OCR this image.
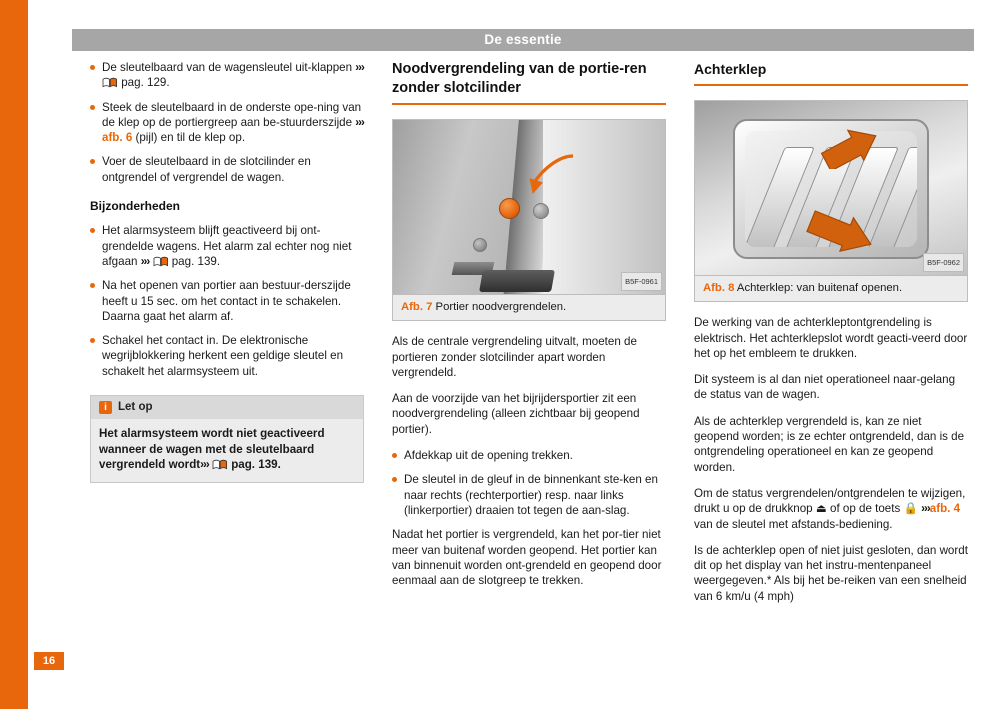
De essentie
De sleutelbaard van de wagensleutel uit-klappen ›››
pag. 129.
Steek de sleutelbaard in de onderste ope-ning van de klep op de portiergreep aan be-stuurderszijde ››› afb. 6 (pijl) en til de klep op.
Voer de sleutelbaard in de slotcilinder en ontgrendel of vergrendel de wagen.
Bijzonderheden
Het alarmsysteem blijft geactiveerd bij ont-grendelde wagens. Het alarm zal echter nog niet afgaan ›››
pag. 139.
Na het openen van portier aan bestuur-derszijde heeft u 15 sec. om het contact in te schakelen. Daarna gaat het alarm af.
Schakel het contact in. De elektronische wegrijblokkering herkent een geldige sleutel en schakelt het alarmsysteem uit.
i Let op
Het alarmsysteem wordt niet geactiveerd wanneer de wagen met de sleutelbaard vergrendeld wordt›››
pag. 139.
Noodvergrendeling van de portie-ren zonder slotcilinder
B5F-0961
Afb. 7 Portier noodvergrendelen.

Als de centrale vergrendeling uitvalt, moeten de portieren zonder slotcilinder apart worden vergrendeld.

Aan de voorzijde van het bijrijdersportier zit een noodvergrendeling (alleen zichtbaar bij geopend portier).

Afdekkap uit de opening trekken.
De sleutel in de gleuf in de binnenkant ste-ken en naar rechts (rechterportier) resp. naar links (linkerportier) draaien tot tegen de aan-slag.

Nadat het portier is vergrendeld, kan het por-tier niet meer van buitenaf worden geopend. Het portier kan van binnenuit worden ont-grendeld en geopend door eenmaal aan de slotgreep te trekken.

Achterklep
B5F-0962
Afb. 8 Achterklep: van buitenaf openen.

De werking van de achterkleptontgrendeling is elektrisch. Het achterklepslot wordt geacti-veerd door het op het embleem te drukken.

Dit systeem is al dan niet operationeel naar-gelang de status van de wagen.

Als de achterklep vergrendeld is, kan ze niet geopend worden; is ze echter ontgrendeld, dan is de ontgrendeling operationeel en kan ze geopend worden.

Om de status vergrendelen/ontgrendelen te wijzigen, drukt u op de drukknop ⏏ of op de toets 🔒 ›››afb. 4 van de sleutel met afstands-bediening.

Is de achterklep open of niet juist gesloten, dan wordt dit op het display van het instru-mentenpaneel weergegeven.* Als bij het be-reiken van een snelheid van 6 km/u (4 mph)

16
